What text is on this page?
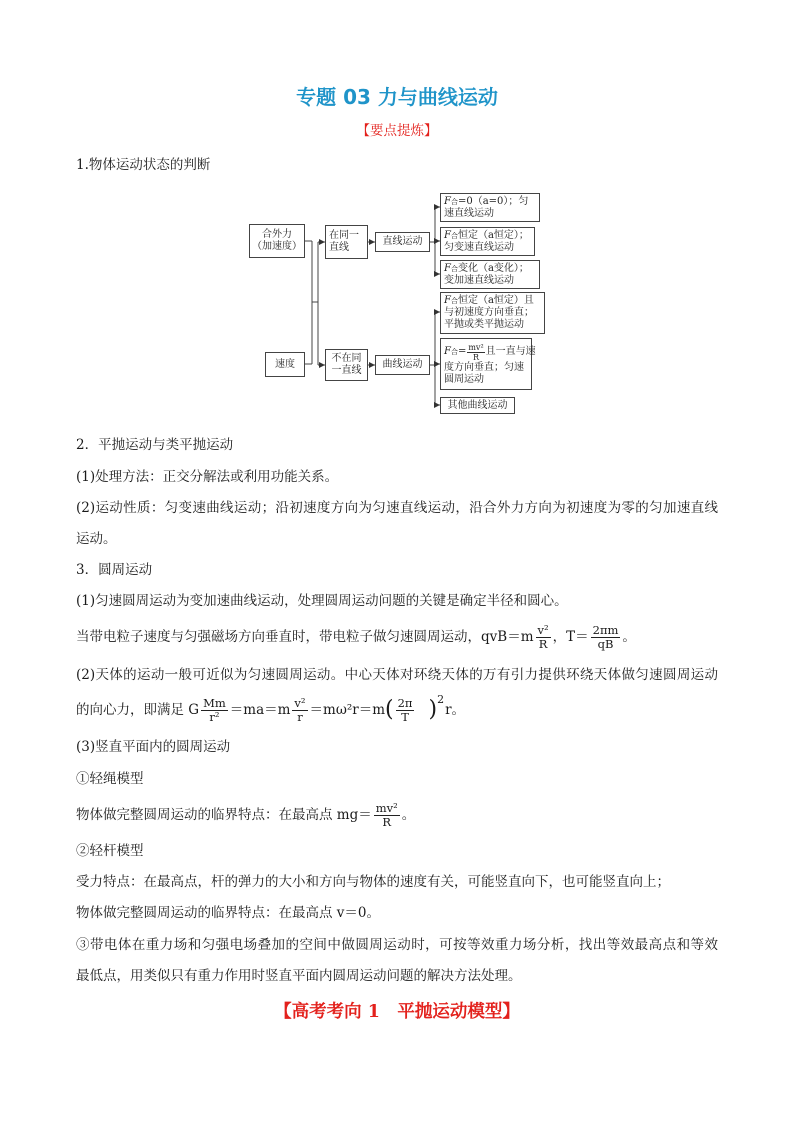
专题 03 力与曲线运动
【要点提炼】
1.物体运动状态的判断
合外力
（加速度）
速度
在同一
直线
不在同
一直线
直线运动
曲线运动
F 合 =0（a=0）；匀
速直线运动
F 合 恒定（a恒定）；
匀变速直线运动
F 合 变化（a变化）；
变加速直线运动
F 合 恒定（a恒定）且
与初速度方向垂直；
平抛或类平抛运动
F 合 = $\frac{\text{mv²}}{R}$ 且一直与速
度方向垂直；匀速
圆周运动
其他曲线运动
2．平抛运动与类平抛运动
(1)处理方法：正交分解法或利用功能关系。
(2)运动性质：匀变速曲线运动；沿初速度方向为匀速直线运动，沿合外力方向为初速度为零的匀加速直线
运动。
3．圆周运动
(1)匀速圆周运动为变加速曲线运动，处理圆周运动问题的关键是确定半径和圆心。
当带电粒子速度与匀强磁场方向垂直时，带电粒子做匀速圆周运动，$qvB=m \frac{\text{v²}}{R}$ ，$T= \frac{2\pi m}{qB}$ 。
(2)天体的运动一般可近似为匀速圆周运动。中心天体对环绕天体的万有引力提供环绕天体做匀速圆周运动
的向心力，即满足 G $\frac{Mm}{\text{r²}} =ma=m \frac{\text{v²}}{r} =m\omega^2r=m$ ( $\frac{2\pi}{T}$ ) 2
r。
(3)竖直平面内的圆周运动
①轻绳模型
物体做完整圆周运动的临界特点：在最高点 $mg= \frac{\text{mv²}}{R}$ 。
②轻杆模型
受力特点：在最高点，杆的弹力的大小和方向与物体的速度有关，可能竖直向下，也可能竖直向上；
物体做完整圆周运动的临界特点：在最高点 v＝0。
③带电体在重力场和匀强电场叠加的空间中做圆周运动时，可按等效重力场分析，找出等效最高点和等效
最低点，用类似只有重力作用时竖直平面内圆周运动问题的解决方法处理。
【高考考向 1　平抛运动模型】
